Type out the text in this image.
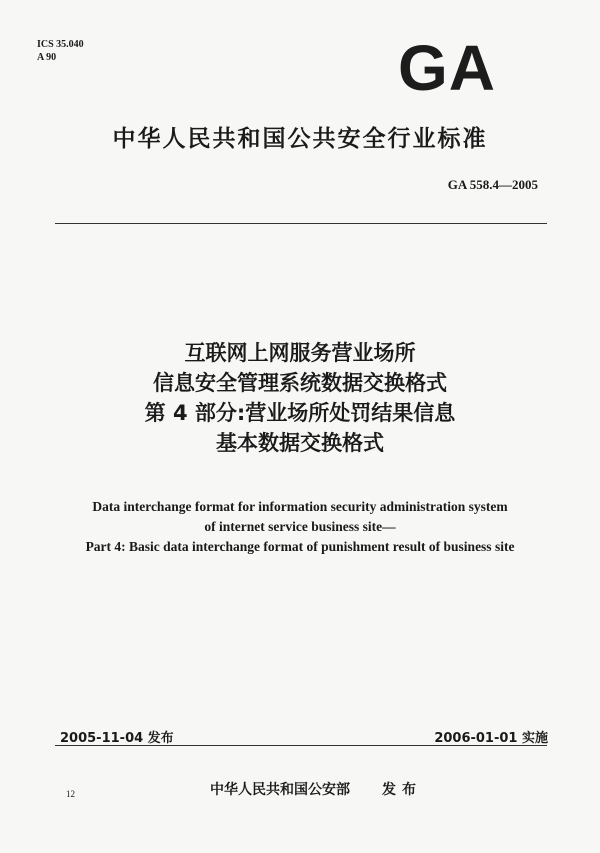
ICS 35.040
A 90	GA
中华人民共和国公共安全行业标准
GA 558.4—2005
互联网上网服务营业场所
信息安全管理系统数据交换格式
第 4 部分:营业场所处罚结果信息
基本数据交换格式
Data interchange format for information security administration system
of internet service business site—
Part 4: Basic data interchange format of punishment result of business site
2005-11-04 发布	2006-01-01 实施
中华人民共和国公安部 发布
12
